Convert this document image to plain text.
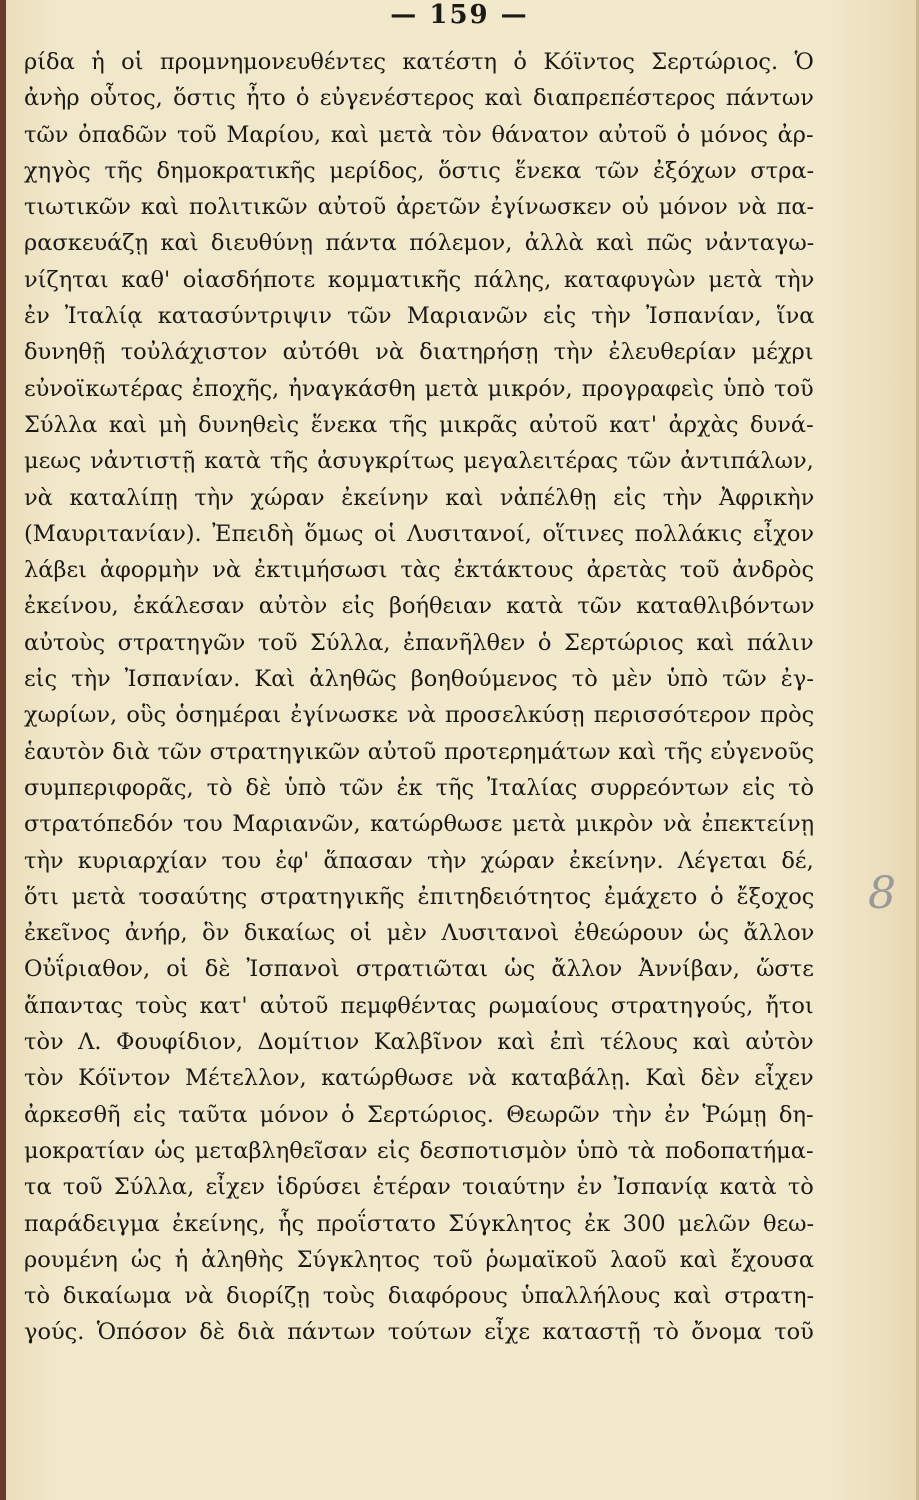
— 159 —
ρίδα ἡ οἱ προμνημονευθέντες κατέστη ὁ Κόϊντος Σερτώριος. Ὁ
ἀνὴρ οὗτος, ὅστις ἦτο ὁ εὐγενέστερος καὶ διαπρεπέστερος πάντων
τῶν ὀπαδῶν τοῦ Μαρίου, καὶ μετὰ τὸν θάνατον αὐτοῦ ὁ μόνος ἀρ-
χηγὸς τῆς δημοκρατικῆς μερίδος, ὅστις ἕνεκα τῶν ἐξόχων στρα-
τιωτικῶν καὶ πολιτικῶν αὐτοῦ ἀρετῶν ἐγίνωσκεν οὐ μόνον νὰ πα-
ρασκευάζῃ καὶ διευθύνῃ πάντα πόλεμον, ἀλλὰ καὶ πῶς νἀνταγω-
νίζηται καθ' οἱασδήποτε κομματικῆς πάλης, καταφυγὼν μετὰ τὴν
ἐν Ἰταλίᾳ κατασύντριψιν τῶν Μαριανῶν εἰς τὴν Ἰσπανίαν, ἵνα
δυνηθῇ τοὐλάχιστον αὐτόθι νὰ διατηρήσῃ τὴν ἐλευθερίαν μέχρι
εὐνοϊκωτέρας ἐποχῆς, ἠναγκάσθη μετὰ μικρόν, προγραφεὶς ὑπὸ τοῦ
Σύλλα καὶ μὴ δυνηθεὶς ἕνεκα τῆς μικρᾶς αὐτοῦ κατ' ἀρχὰς δυνά-
μεως νἀντιστῇ κατὰ τῆς ἀσυγκρίτως μεγαλειτέρας τῶν ἀντιπάλων,
νὰ καταλίπῃ τὴν χώραν ἐκείνην καὶ νἀπέλθῃ εἰς τὴν Ἀφρικὴν
(Μαυριτανίαν). Ἐπειδὴ ὅμως οἱ Λυσιτανοί, οἵτινες πολλάκις εἶχον
λάβει ἀφορμὴν νὰ ἐκτιμήσωσι τὰς ἐκτάκτους ἀρετὰς τοῦ ἀνδρὸς
ἐκείνου, ἐκάλεσαν αὐτὸν εἰς βοήθειαν κατὰ τῶν καταθλιβόντων
αὐτοὺς στρατηγῶν τοῦ Σύλλα, ἐπανῆλθεν ὁ Σερτώριος καὶ πάλιν
εἰς τὴν Ἰσπανίαν. Καὶ ἀληθῶς βοηθούμενος τὸ μὲν ὑπὸ τῶν ἐγ-
χωρίων, οὓς ὁσημέραι ἐγίνωσκε νὰ προσελκύσῃ περισσότερον πρὸς
ἑαυτὸν διὰ τῶν στρατηγικῶν αὐτοῦ προτερημάτων καὶ τῆς εὐγενοῦς
συμπεριφορᾶς, τὸ δὲ ὑπὸ τῶν ἐκ τῆς Ἰταλίας συρρεόντων εἰς τὸ
στρατόπεδόν του Μαριανῶν, κατώρθωσε μετὰ μικρὸν νὰ ἐπεκτείνῃ
τὴν κυριαρχίαν του ἐφ' ἅπασαν τὴν χώραν ἐκείνην. Λέγεται δέ,
ὅτι μετὰ τοσαύτης στρατηγικῆς ἐπιτηδειότητος ἐμάχετο ὁ ἔξοχος
ἐκεῖνος ἀνήρ, ὃν δικαίως οἱ μὲν Λυσιτανοὶ ἐθεώρουν ὡς ἄλλον
Οὐΐριαθον, οἱ δὲ Ἰσπανοὶ στρατιῶται ὡς ἄλλον Ἀννίβαν, ὥστε
ἅπαντας τοὺς κατ' αὐτοῦ πεμφθέντας ρωμαίους στρατηγούς, ἤτοι
τὸν Λ. Φουφίδιον, Δομίτιον Καλβῖνον καὶ ἐπὶ τέλους καὶ αὐτὸν
τὸν Κόϊντον Μέτελλον, κατώρθωσε νὰ καταβάλῃ. Καὶ δὲν εἶχεν
ἀρκεσθῆ εἰς ταῦτα μόνον ὁ Σερτώριος. Θεωρῶν τὴν ἐν Ῥώμῃ δη-
μοκρατίαν ὡς μεταβληθεῖσαν εἰς δεσποτισμὸν ὑπὸ τὰ ποδοπατήμα-
τα τοῦ Σύλλα, εἶχεν ἱδρύσει ἑτέραν τοιαύτην ἐν Ἰσπανίᾳ κατὰ τὸ
παράδειγμα ἐκείνης, ἧς προΐστατο Σύγκλητος ἐκ 300 μελῶν θεω-
ρουμένη ὡς ἡ ἀληθὴς Σύγκλητος τοῦ ῥωμαϊκοῦ λαοῦ καὶ ἔχουσα
τὸ δικαίωμα νὰ διορίζῃ τοὺς διαφόρους ὑπαλλήλους καὶ στρατη-
γούς. Ὁπόσον δὲ διὰ πάντων τούτων εἶχε καταστῇ τὸ ὄνομα τοῦ
8
